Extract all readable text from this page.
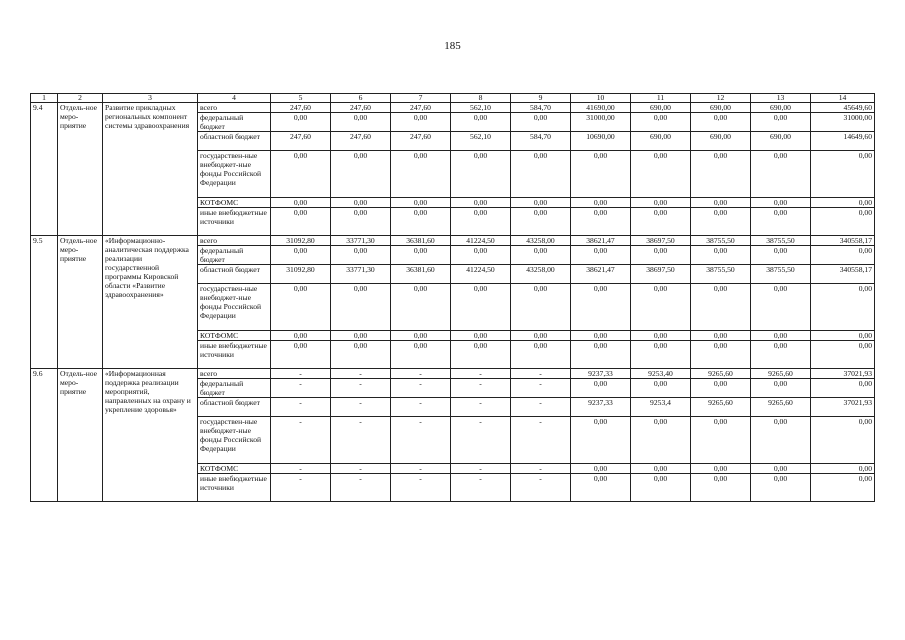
185
1	2	3	4	5	6	7	8	9	10	11	12	13	14
9.4	Отдель-ное меро-приятие	Развитие прикладных региональных компонент системы здравоохранения	всего	247,60	247,60	247,60	562,10	584,70	41690,00	690,00	690,00	690,00	45649,60
			федеральный бюджет	0,00	0,00	0,00	0,00	0,00	31000,00	0,00	0,00	0,00	31000,00
			областной бюджет	247,60	247,60	247,60	562,10	584,70	10690,00	690,00	690,00	690,00	14649,60
			государствен-ные внебюджет-ные фонды Российской Федерации	0,00	0,00	0,00	0,00	0,00	0,00	0,00	0,00	0,00	0,00
			КОТФОМС	0,00	0,00	0,00	0,00	0,00	0,00	0,00	0,00	0,00	0,00
			иные внебюджетные источники	0,00	0,00	0,00	0,00	0,00	0,00	0,00	0,00	0,00	0,00
9.5	Отдель-ное меро-приятие	«Информационно-аналитическая поддержка реализации государственной программы Кировской области «Развитие здравоохранения»	всего	31092,80	33771,30	36381,60	41224,50	43258,00	38621,47	38697,50	38755,50	38755,50	340558,17
			федеральный бюджет	0,00	0,00	0,00	0,00	0,00	0,00	0,00	0,00	0,00	0,00
			областной бюджет	31092,80	33771,30	36381,60	41224,50	43258,00	38621,47	38697,50	38755,50	38755,50	340558,17
			государствен-ные внебюджет-ные фонды Российской Федерации	0,00	0,00	0,00	0,00	0,00	0,00	0,00	0,00	0,00	0,00
			КОТФОМС	0,00	0,00	0,00	0,00	0,00	0,00	0,00	0,00	0,00	0,00
			иные внебюджетные источники	0,00	0,00	0,00	0,00	0,00	0,00	0,00	0,00	0,00	0,00
9.6	Отдель-ное меро-приятие	«Информационная поддержка реализации мероприятий, направленных на охрану и укрепление здоровья»	всего	-	-	-	-	-	9237,33	9253,40	9265,60	9265,60	37021,93
			федеральный бюджет	-	-	-	-	-	0,00	0,00	0,00	0,00	0,00
			областной бюджет	-	-	-	-	-	9237,33	9253,4	9265,60	9265,60	37021,93
			государствен-ные внебюджет-ные фонды Российской Федерации	-	-	-	-	-	0,00	0,00	0,00	0,00	0,00
			КОТФОМС	-	-	-	-	-	0,00	0,00	0,00	0,00	0,00
			иные внебюджетные источники	-	-	-	-	-	0,00	0,00	0,00	0,00	0,00
